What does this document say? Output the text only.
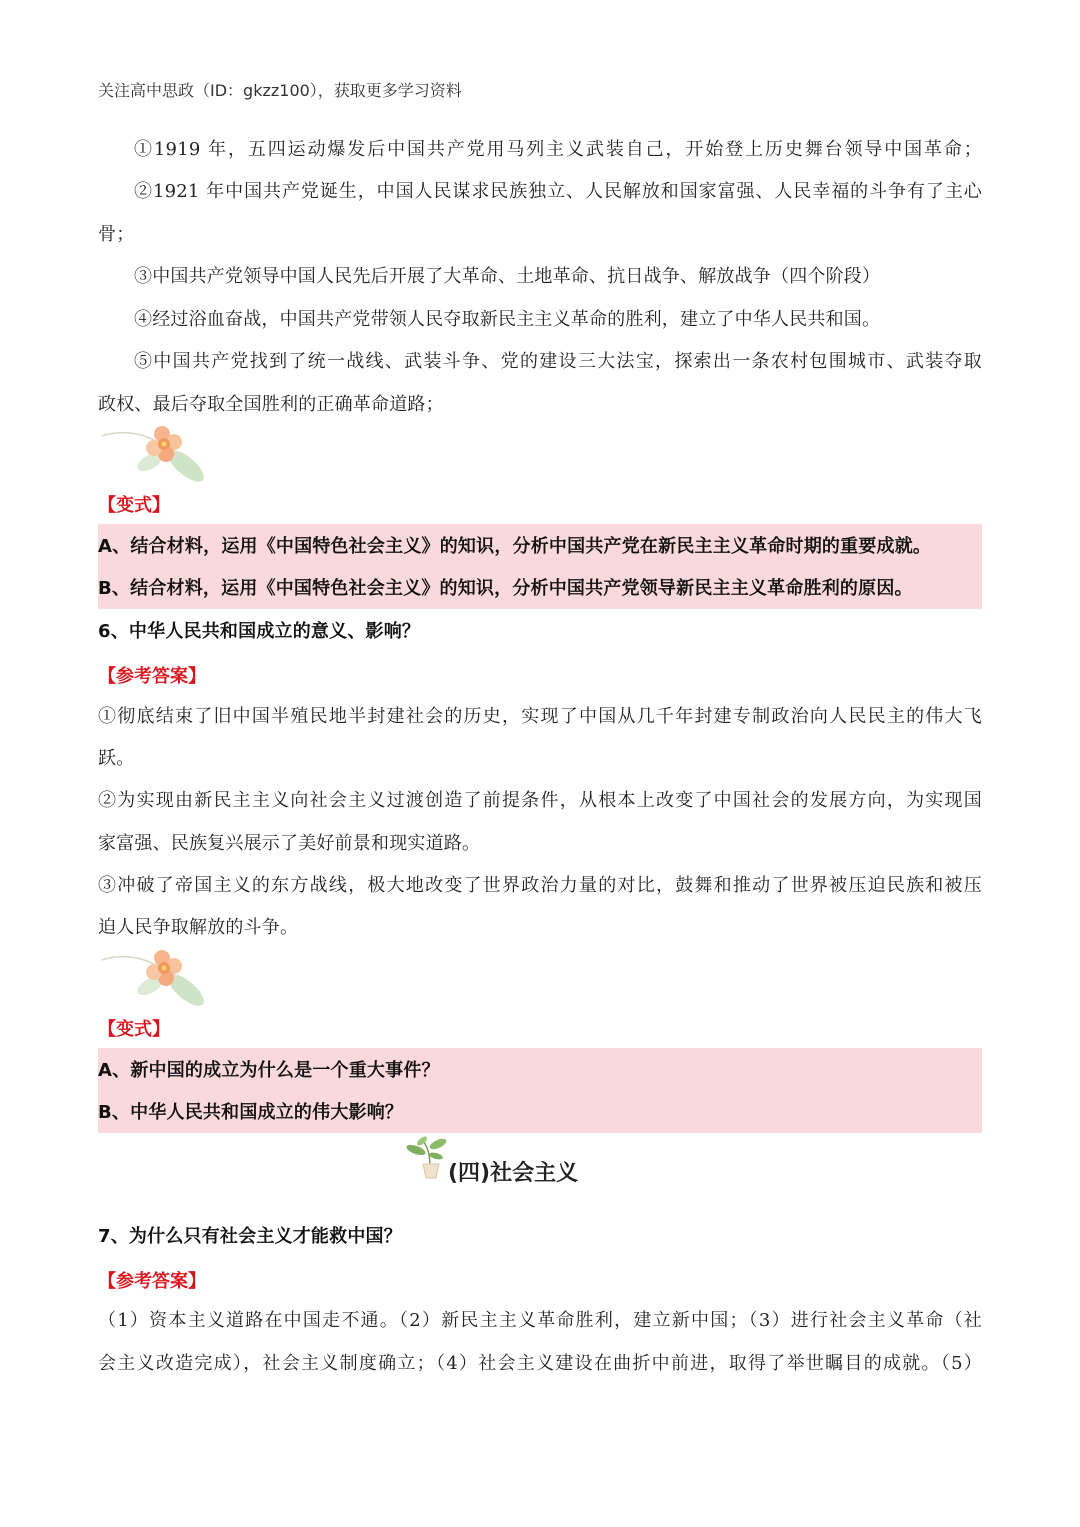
关注高中思政（ID：gkzz100），获取更多学习资料
①1919 年，五四运动爆发后中国共产党用马列主义武装自己，开始登上历史舞台领导中国革命；
②1921 年中国共产党诞生，中国人民谋求民族独立、人民解放和国家富强、人民幸福的斗争有了主心
骨；
③中国共产党领导中国人民先后开展了大革命、土地革命、抗日战争、解放战争（四个阶段）
④经过浴血奋战，中国共产党带领人民夺取新民主主义革命的胜利，建立了中华人民共和国。
⑤中国共产党找到了统一战线、武装斗争、党的建设三大法宝，探索出一条农村包围城市、武装夺取
政权、最后夺取全国胜利的正确革命道路；
【变式】
A、结合材料，运用《中国特色社会主义》的知识，分析中国共产党在新民主主义革命时期的重要成就。
B、结合材料，运用《中国特色社会主义》的知识，分析中国共产党领导新民主主义革命胜利的原因。
6、中华人民共和国成立的意义、影响？
【参考答案】
①彻底结束了旧中国半殖民地半封建社会的历史，实现了中国从几千年封建专制政治向人民民主的伟大飞
跃。
②为实现由新民主主义向社会主义过渡创造了前提条件，从根本上改变了中国社会的发展方向，为实现国
家富强、民族复兴展示了美好前景和现实道路。
③冲破了帝国主义的东方战线，极大地改变了世界政治力量的对比，鼓舞和推动了世界被压迫民族和被压
迫人民争取解放的斗争。
【变式】
A、新中国的成立为什么是一个重大事件？
B、中华人民共和国成立的伟大影响？
(四)社会主义
7、为什么只有社会主义才能救中国？
【参考答案】
（1）资本主义道路在中国走不通。（2）新民主主义革命胜利，建立新中国；（3）进行社会主义革命（社
会主义改造完成），社会主义制度确立；（4）社会主义建设在曲折中前进，取得了举世瞩目的成就。（5）
